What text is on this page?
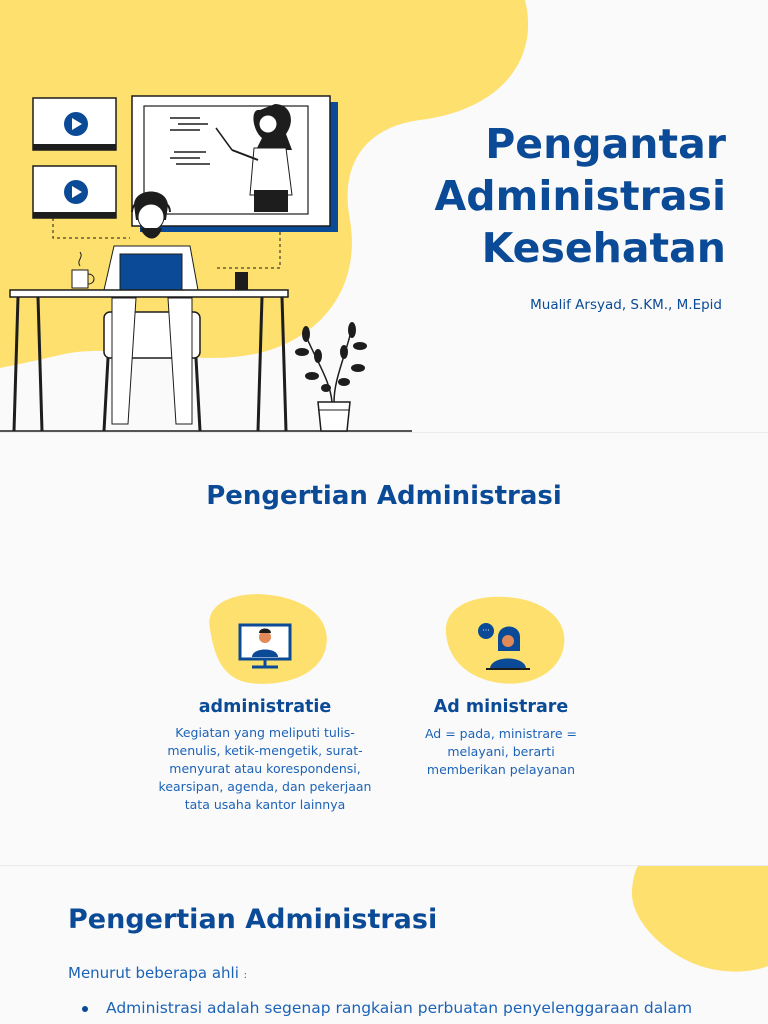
Pengantar
Administrasi
Kesehatan
Mualif Arsyad, S.KM., M.Epid
Pengertian Administrasi
administratie
Kegiatan yang meliputi tulis-
menulis, ketik-mengetik, surat-
menyurat atau korespondensi,
kearsipan, agenda, dan pekerjaan
tata usaha kantor lainnya
···
Ad ministrare
Ad = pada, ministrare =
melayani, berarti
memberikan pelayanan
Pengertian Administrasi
Menurut beberapa ahli :
Administrasi adalah segenap rangkaian perbuatan penyelenggaraan dalam
